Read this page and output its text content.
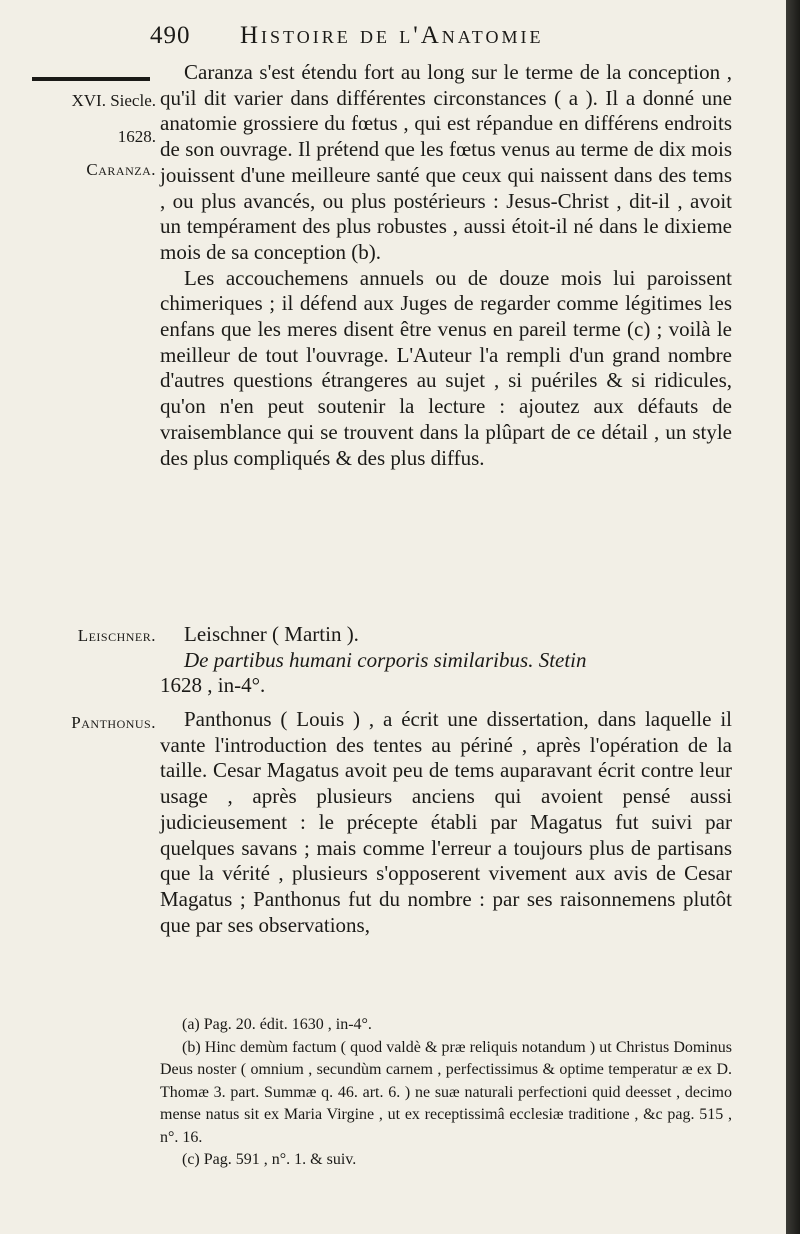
490 Histoire de l'Anatomie
XVI. Siecle.
1628.
Caranza.
Leischner.
Panthonus.

Caranza s'est étendu fort au long sur le terme de la conception , qu'il dit varier dans différentes circonstances ( a ). Il a donné une anatomie grossiere du fœtus , qui est répandue en différens endroits de son ouvrage. Il prétend que les fœtus venus au terme de dix mois jouissent d'une meilleure santé que ceux qui naissent dans des tems , ou plus avancés, ou plus postérieurs : Jesus-Christ , dit-il , avoit un tempérament des plus robustes , aussi étoit-il né dans le dixieme mois de sa conception (b).

Les accouchemens annuels ou de douze mois lui paroissent chimeriques ; il défend aux Juges de regarder comme légitimes les enfans que les meres disent être venus en pareil terme (c) ; voilà le meilleur de tout l'ouvrage. L'Auteur l'a rempli d'un grand nombre d'autres questions étrangeres au sujet , si puériles & si ridicules, qu'on n'en peut soutenir la lecture : ajoutez aux défauts de vraisemblance qui se trouvent dans la plûpart de ce détail , un style des plus compliqués & des plus diffus.

Leischner ( Martin ).

De partibus humani corporis similaribus. Stetin

1628 , in-4°.

Panthonus ( Louis ) , a écrit une dissertation, dans laquelle il vante l'introduction des tentes au périné , après l'opération de la taille. Cesar Magatus avoit peu de tems auparavant écrit contre leur usage , après plusieurs anciens qui avoient pensé aussi judicieusement : le précepte établi par Magatus fut suivi par quelques savans ; mais comme l'erreur a toujours plus de partisans que la vérité , plusieurs s'opposerent vivement aux avis de Cesar Magatus ; Panthonus fut du nombre : par ses raisonnemens plutôt que par ses observations,

(a) Pag. 20. édit. 1630 , in-4°.

(b) Hinc demùm factum ( quod valdè & præ reliquis notandum ) ut Christus Dominus Deus noster ( omnium , secundùm carnem , perfectissimus & optime temperatur æ ex D. Thomæ 3. part. Summæ q. 46. art. 6. ) ne suæ naturali perfectioni quid deesset , decimo mense natus sit ex Maria Virgine , ut ex receptissimâ ecclesiæ traditione , &c pag. 515 , n°. 16.

(c) Pag. 591 , n°. 1. & suiv.
